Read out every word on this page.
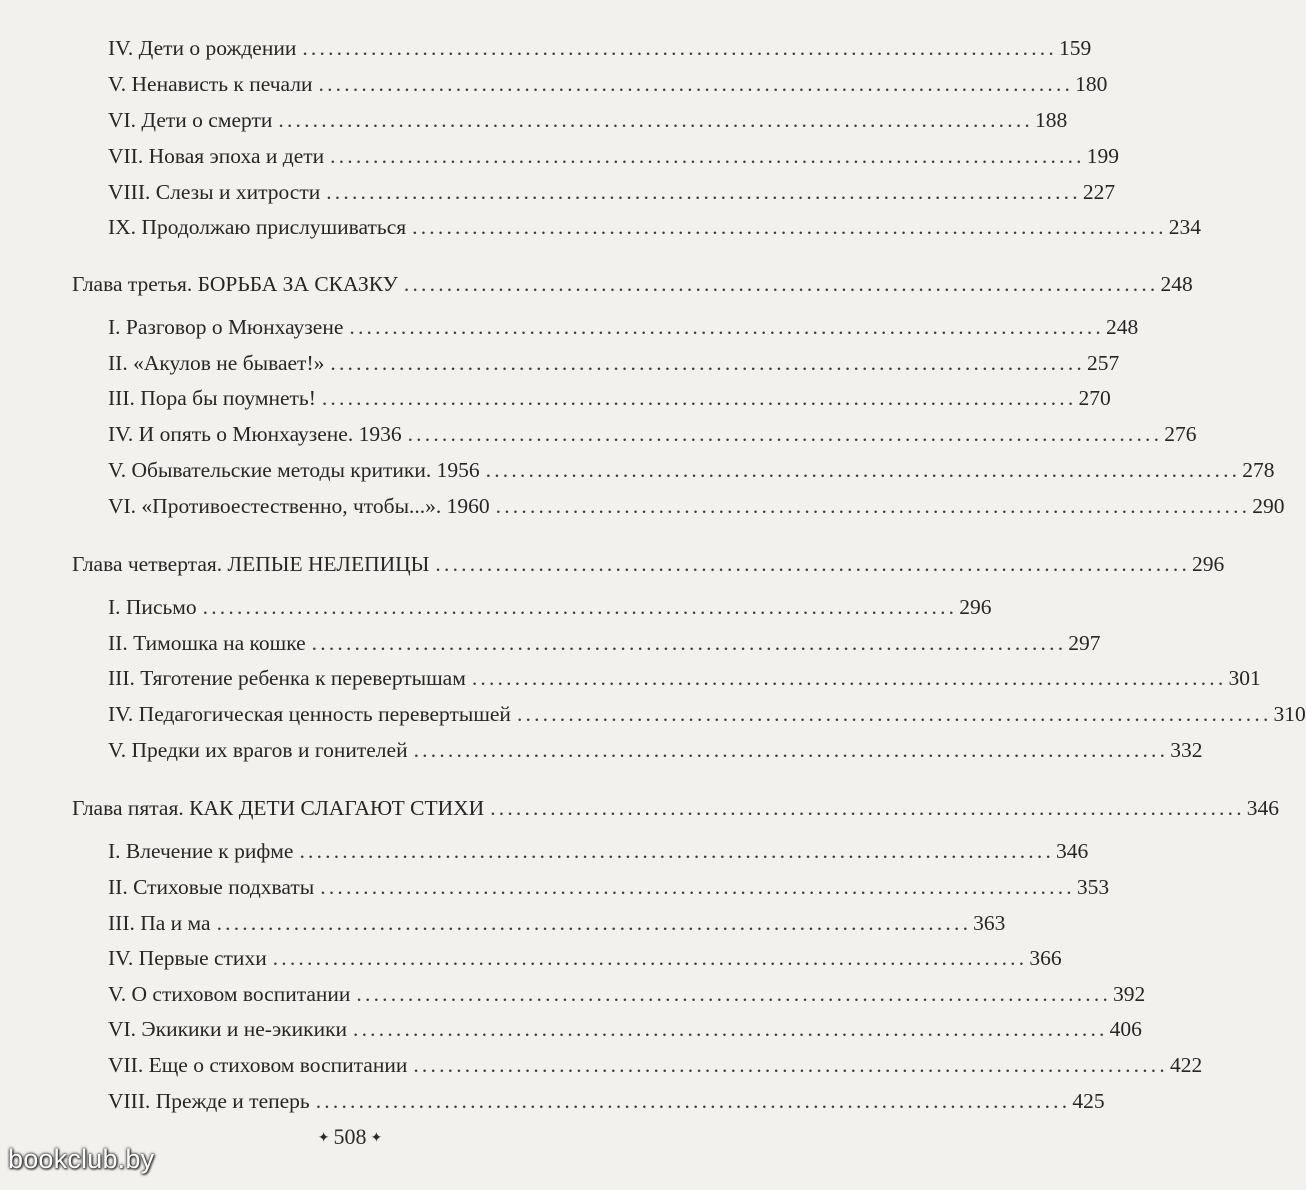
IV. Дети о рождении ........................................................................................ 159
V. Ненависть к печали ........................................................................................ 180
VI. Дети о смерти ........................................................................................ 188
VII. Новая эпоха и дети ........................................................................................ 199
VIII. Слезы и хитрости ........................................................................................ 227
IX. Продолжаю прислушиваться ........................................................................................ 234
Глава третья. БОРЬБА ЗА СКАЗКУ ........................................................................................ 248
I. Разговор о Мюнхаузене ........................................................................................ 248
II. «Акулов не бывает!» ........................................................................................ 257
III. Пора бы поумнеть! ........................................................................................ 270
IV. И опять о Мюнхаузене. 1936 ........................................................................................ 276
V. Обывательские методы критики. 1956 ........................................................................................ 278
VI. «Противоестественно, чтобы...». 1960 ........................................................................................ 290
Глава четвертая. ЛЕПЫЕ НЕЛЕПИЦЫ ........................................................................................ 296
I. Письмо ........................................................................................ 296
II. Тимошка на кошке ........................................................................................ 297
III. Тяготение ребенка к перевертышам ........................................................................................ 301
IV. Педагогическая ценность перевертышей ........................................................................................ 310
V. Предки их врагов и гонителей ........................................................................................ 332
Глава пятая. КАК ДЕТИ СЛАГАЮТ СТИХИ ........................................................................................ 346
I. Влечение к рифме ........................................................................................ 346
II. Стиховые подхваты ........................................................................................ 353
III. Па и ма ........................................................................................ 363
IV. Первые стихи ........................................................................................ 366
V. О стиховом воспитании ........................................................................................ 392
VI. Экикики и не-экикики ........................................................................................ 406
VII. Еще о стиховом воспитании ........................................................................................ 422
VIII. Прежде и теперь ........................................................................................ 425
✦ 508 ✦
bookclub.by
